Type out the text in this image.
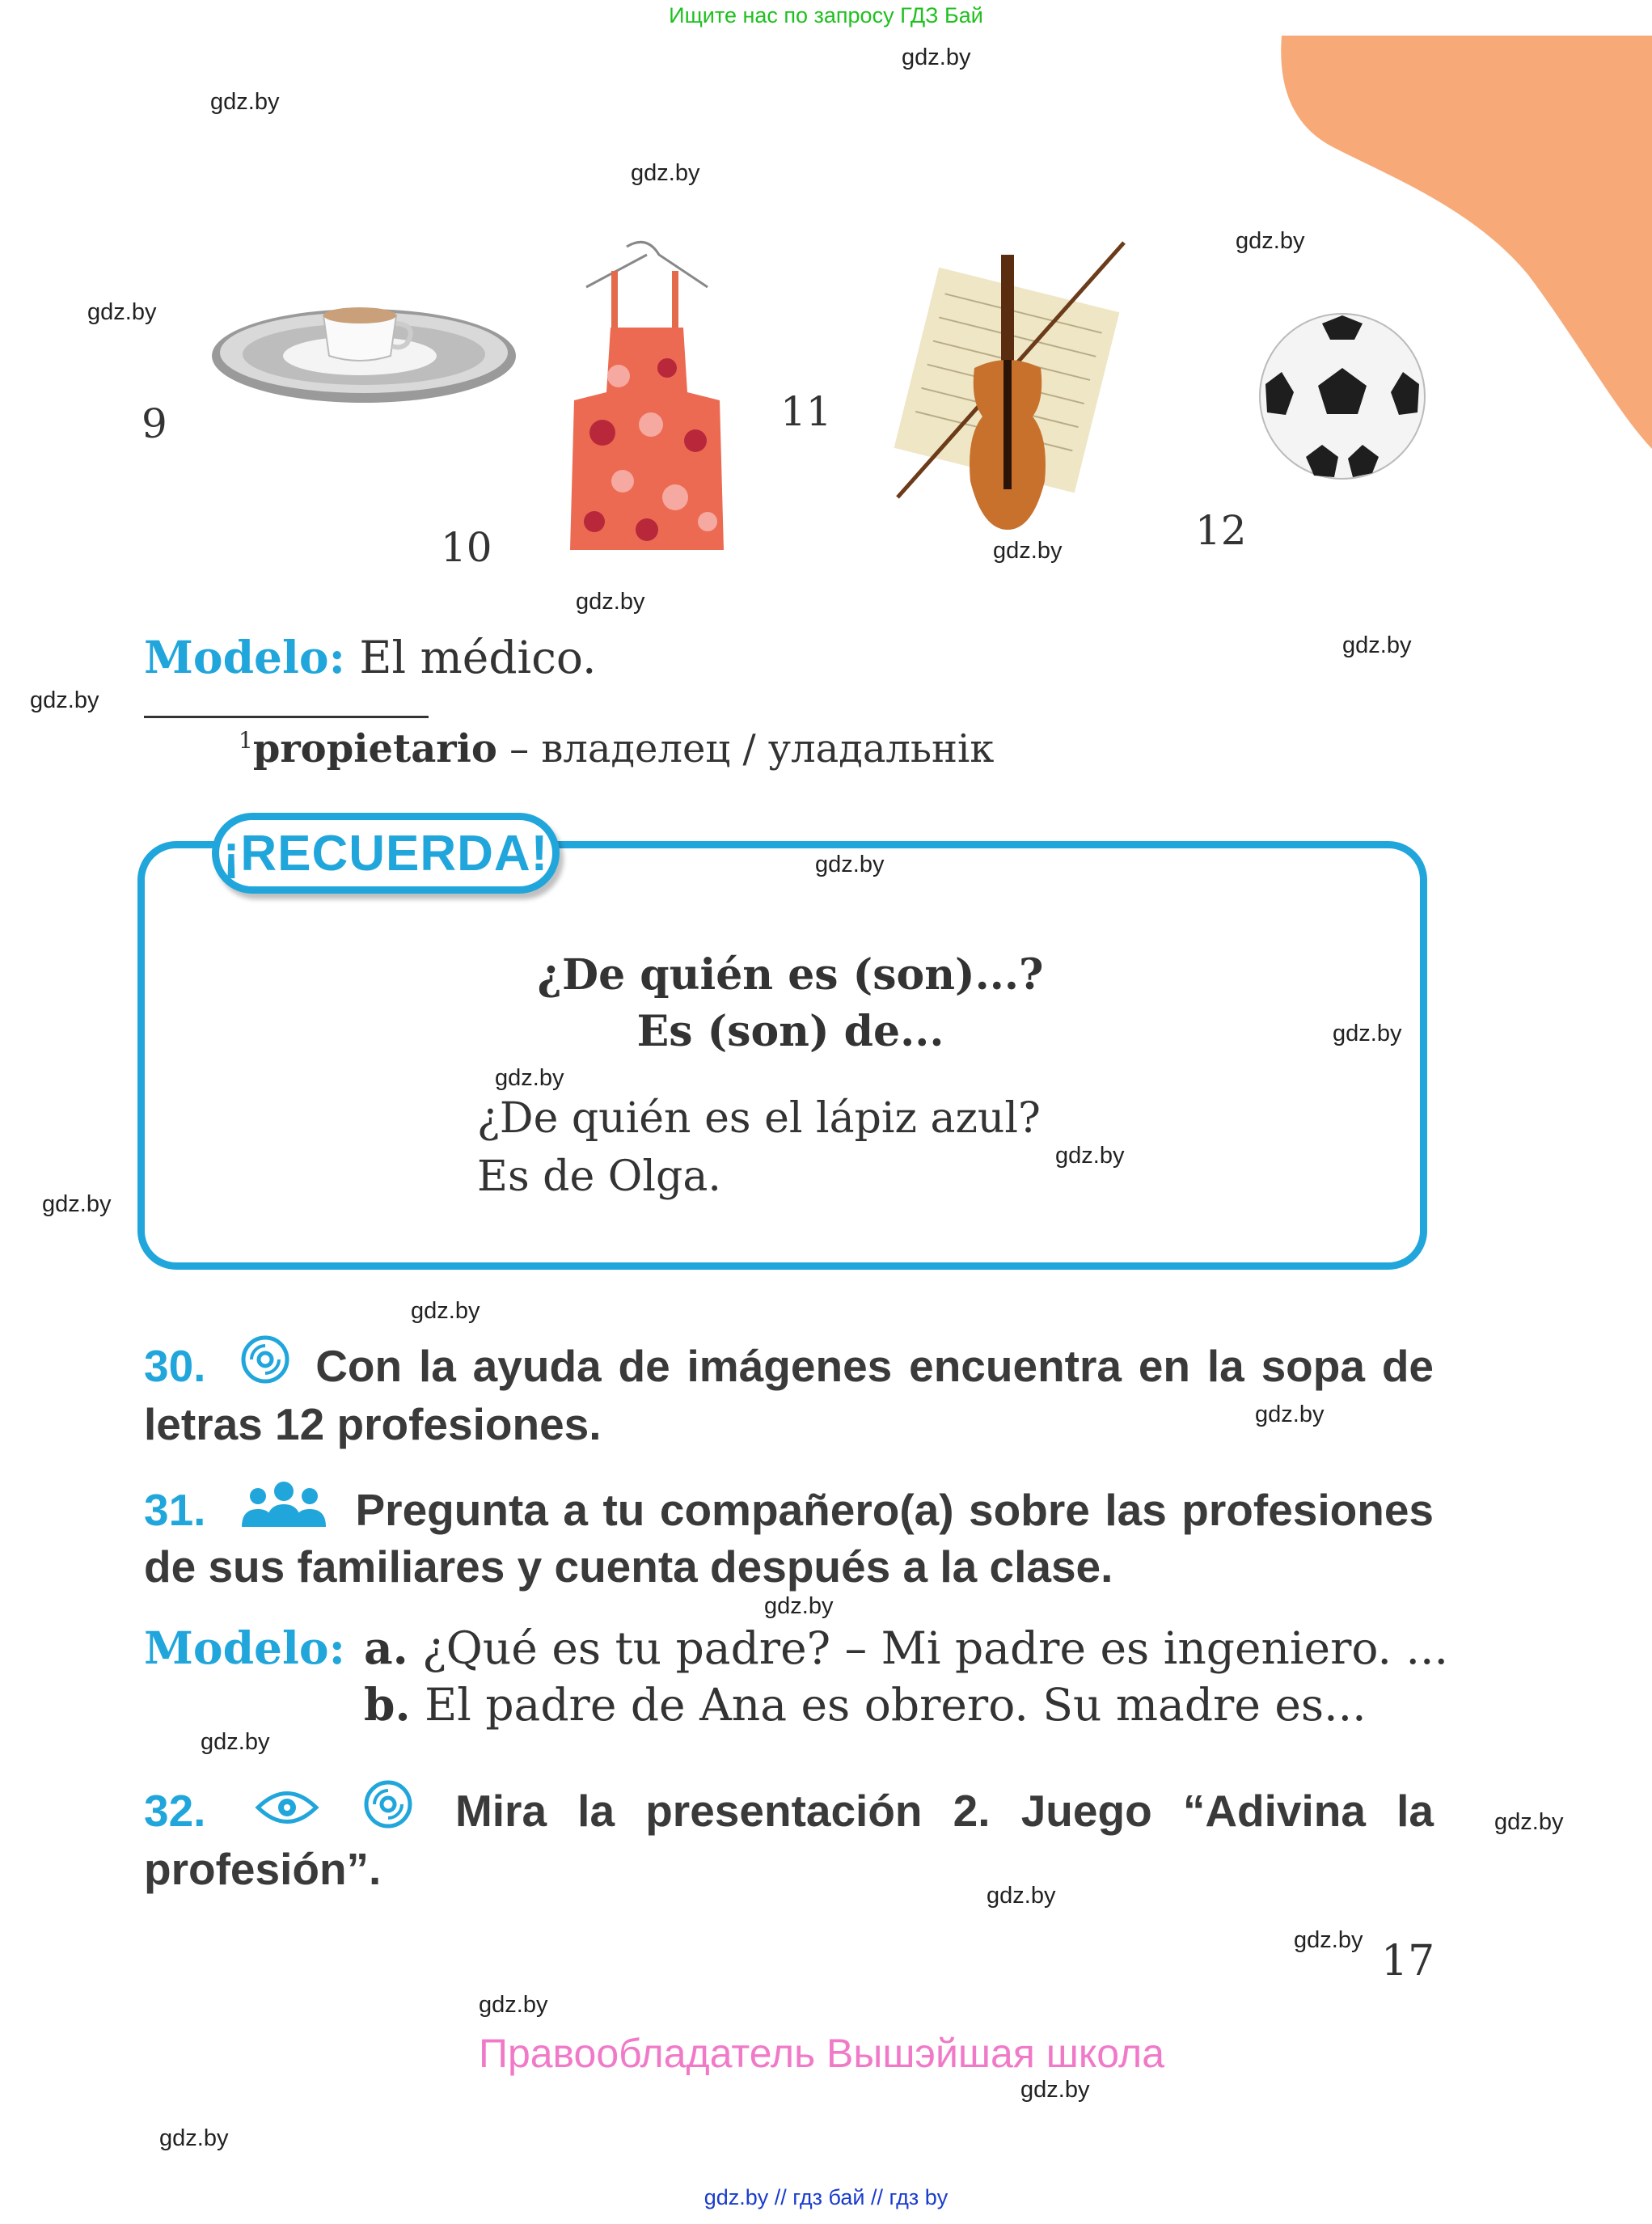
Ищите нас по запросу ГДЗ Бай
9
10
11
12
Modelo: El médico.
$^1$propietario – владелец / уладальнік
¡RECUERDA!
¿De quién es (son)...?
Es (son) de...
¿De quién es el lápiz azul?
Es de Olga.
30. Con la ayuda de imágenes encuentra en la sopa de letras 12 profesiones.
31.	Pregunta a tu compañero(a) sobre las profesiones de sus familiares y cuenta después a la clase.
Modelo: a. ¿Qué es tu padre? – Mi padre es ingeniero. ...
b. El padre de Ana es obrero. Su madre es...
32.	Mira la presentación 2. Juego “Adivina la profesión”.
17
Правообладатель Вышэйшая школа
gdz.by // гдз бай // гдз by
gdz.by
gdz.by
gdz.by
gdz.by
gdz.by
gdz.by
gdz.by
gdz.by
gdz.by
gdz.by
gdz.by
gdz.by
gdz.by
gdz.by
gdz.by
gdz.by
gdz.by
gdz.by
gdz.by
gdz.by
gdz.by
gdz.by
gdz.by
gdz.by
